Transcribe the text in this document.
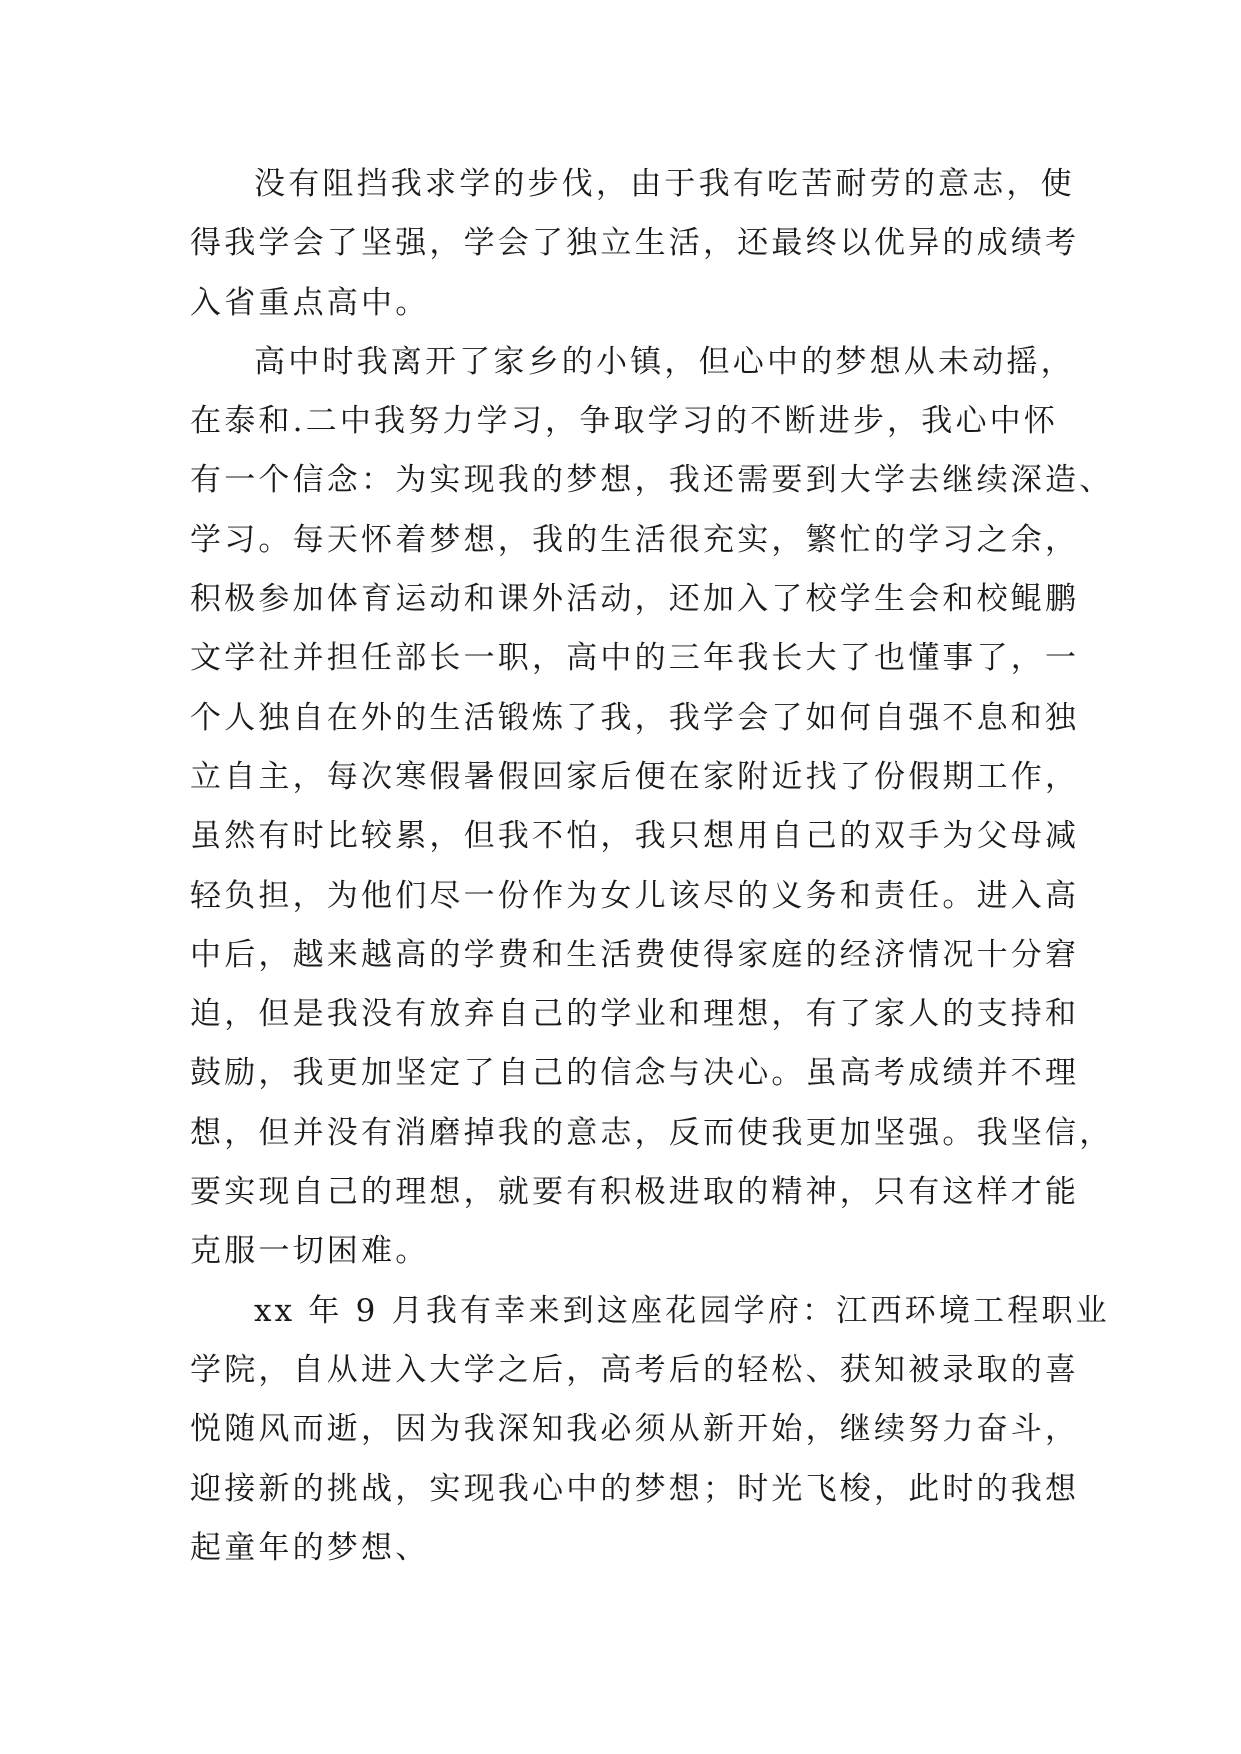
没有阻挡我求学的步伐，由于我有吃苦耐劳的意志，使
得我学会了坚强，学会了独立生活，还最终以优异的成绩考
入省重点高中。
高中时我离开了家乡的小镇，但心中的梦想从未动摇，
在泰和.二中我努力学习，争取学习的不断进步，我心中怀
有一个信念：为实现我的梦想，我还需要到大学去继续深造、
学习。每天怀着梦想，我的生活很充实，繁忙的学习之余，
积极参加体育运动和课外活动，还加入了校学生会和校鲲鹏
文学社并担任部长一职，高中的三年我长大了也懂事了，一
个人独自在外的生活锻炼了我，我学会了如何自强不息和独
立自主，每次寒假暑假回家后便在家附近找了份假期工作，
虽然有时比较累，但我不怕，我只想用自己的双手为父母减
轻负担，为他们尽一份作为女儿该尽的义务和责任。进入高
中后，越来越高的学费和生活费使得家庭的经济情况十分窘
迫，但是我没有放弃自己的学业和理想，有了家人的支持和
鼓励，我更加坚定了自己的信念与决心。虽高考成绩并不理
想，但并没有消磨掉我的意志，反而使我更加坚强。我坚信，
要实现自己的理想，就要有积极进取的精神，只有这样才能
克服一切困难。
xx 年 9 月我有幸来到这座花园学府：江西环境工程职业
学院，自从进入大学之后，高考后的轻松、获知被录取的喜
悦随风而逝，因为我深知我必须从新开始，继续努力奋斗，
迎接新的挑战，实现我心中的梦想；时光飞梭，此时的我想
起童年的梦想、
